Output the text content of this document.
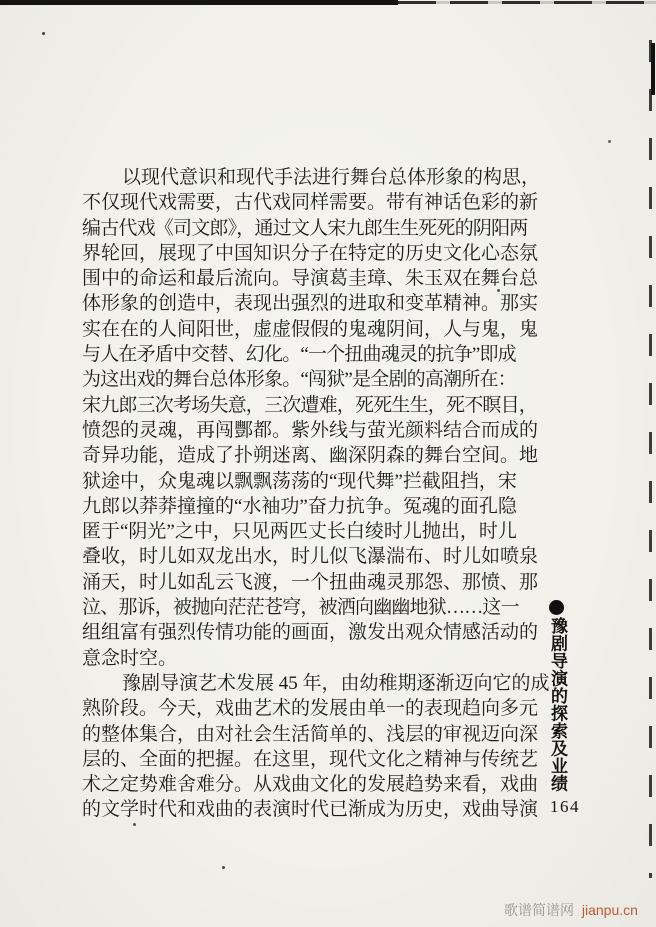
以现代意识和现代手法进行舞台总体形象的构思，
不仅现代戏需要，古代戏同样需要。带有神话色彩的新
编古代戏《司文郎》，通过文人宋九郎生生死死的阴阳两
界轮回，展现了中国知识分子在特定的历史文化心态氛
围中的命运和最后流向。导演葛圭璋、朱玉双在舞台总
体形象的创造中，表现出强烈的进取和变革精神。那实
实在在的人间阳世，虚虚假假的鬼魂阴间，人与鬼，鬼
与人在矛盾中交替、幻化。“一个扭曲魂灵的抗争”即成
为这出戏的舞台总体形象。“闯狱”是全剧的高潮所在：
宋九郎三次考场失意，三次遭难，死死生生，死不瞑目，
愤怨的灵魂，再闯酆都。紫外线与萤光颜料结合而成的
奇异功能，造成了扑朔迷离、幽深阴森的舞台空间。地
狱途中，众鬼魂以飘飘荡荡的“现代舞”拦截阻挡，宋
九郎以莽莽撞撞的“水袖功”奋力抗争。冤魂的面孔隐
匿于“阴光”之中，只见两匹丈长白绫时儿抛出，时儿
叠收，时儿如双龙出水，时儿似飞瀑湍布、时儿如喷泉
涌天，时儿如乱云飞渡，一个扭曲魂灵那怨、那愤、那
泣、那诉，被抛向茫茫苍穹，被洒向幽幽地狱……这一
组组富有强烈传情功能的画面，激发出观众情感活动的
意念时空。
豫剧导演艺术发展 45 年，由幼稚期逐渐迈向它的成
熟阶段。今天，戏曲艺术的发展由单一的表现趋向多元
的整体集合，由对社会生活简单的、浅层的审视迈向深
层的、全面的把握。在这里，现代文化之精神与传统艺
术之定势难舍难分。从戏曲文化的发展趋势来看，戏曲
的文学时代和戏曲的表演时代已渐成为历史，戏曲导演
豫剧导演的探索及业绩
164
歌谱简谱网 jianpu.cn
